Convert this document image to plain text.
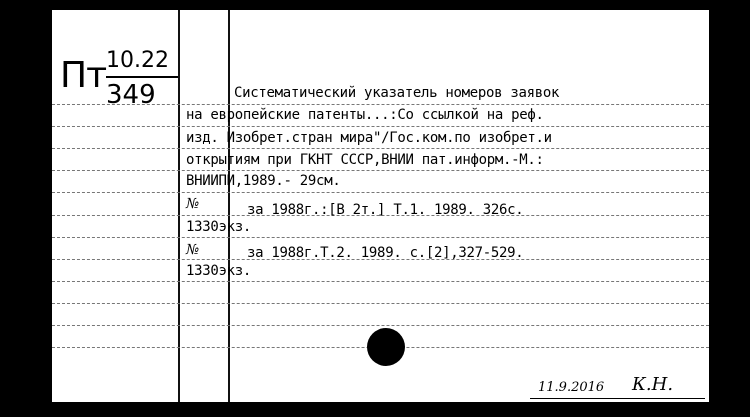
Пт 10.22
349	Систематический указатель номеров заявок
на европейские патенты...:Со ссылкой на реф.
изд. Изобрет.стран мира"/Гос.ком.по изобрет.и
открытиям при ГКНТ СССР,ВНИИ пат.информ.-М.:
ВНИИПИ,1989.- 29см.
№	за 1988г.:[В 2т.] Т.1. 1989. 326с.
1330экз.
№	за 1988г.Т.2. 1989. с.[2],327-529.
1330экз.
11.9.2016 К.Н.
